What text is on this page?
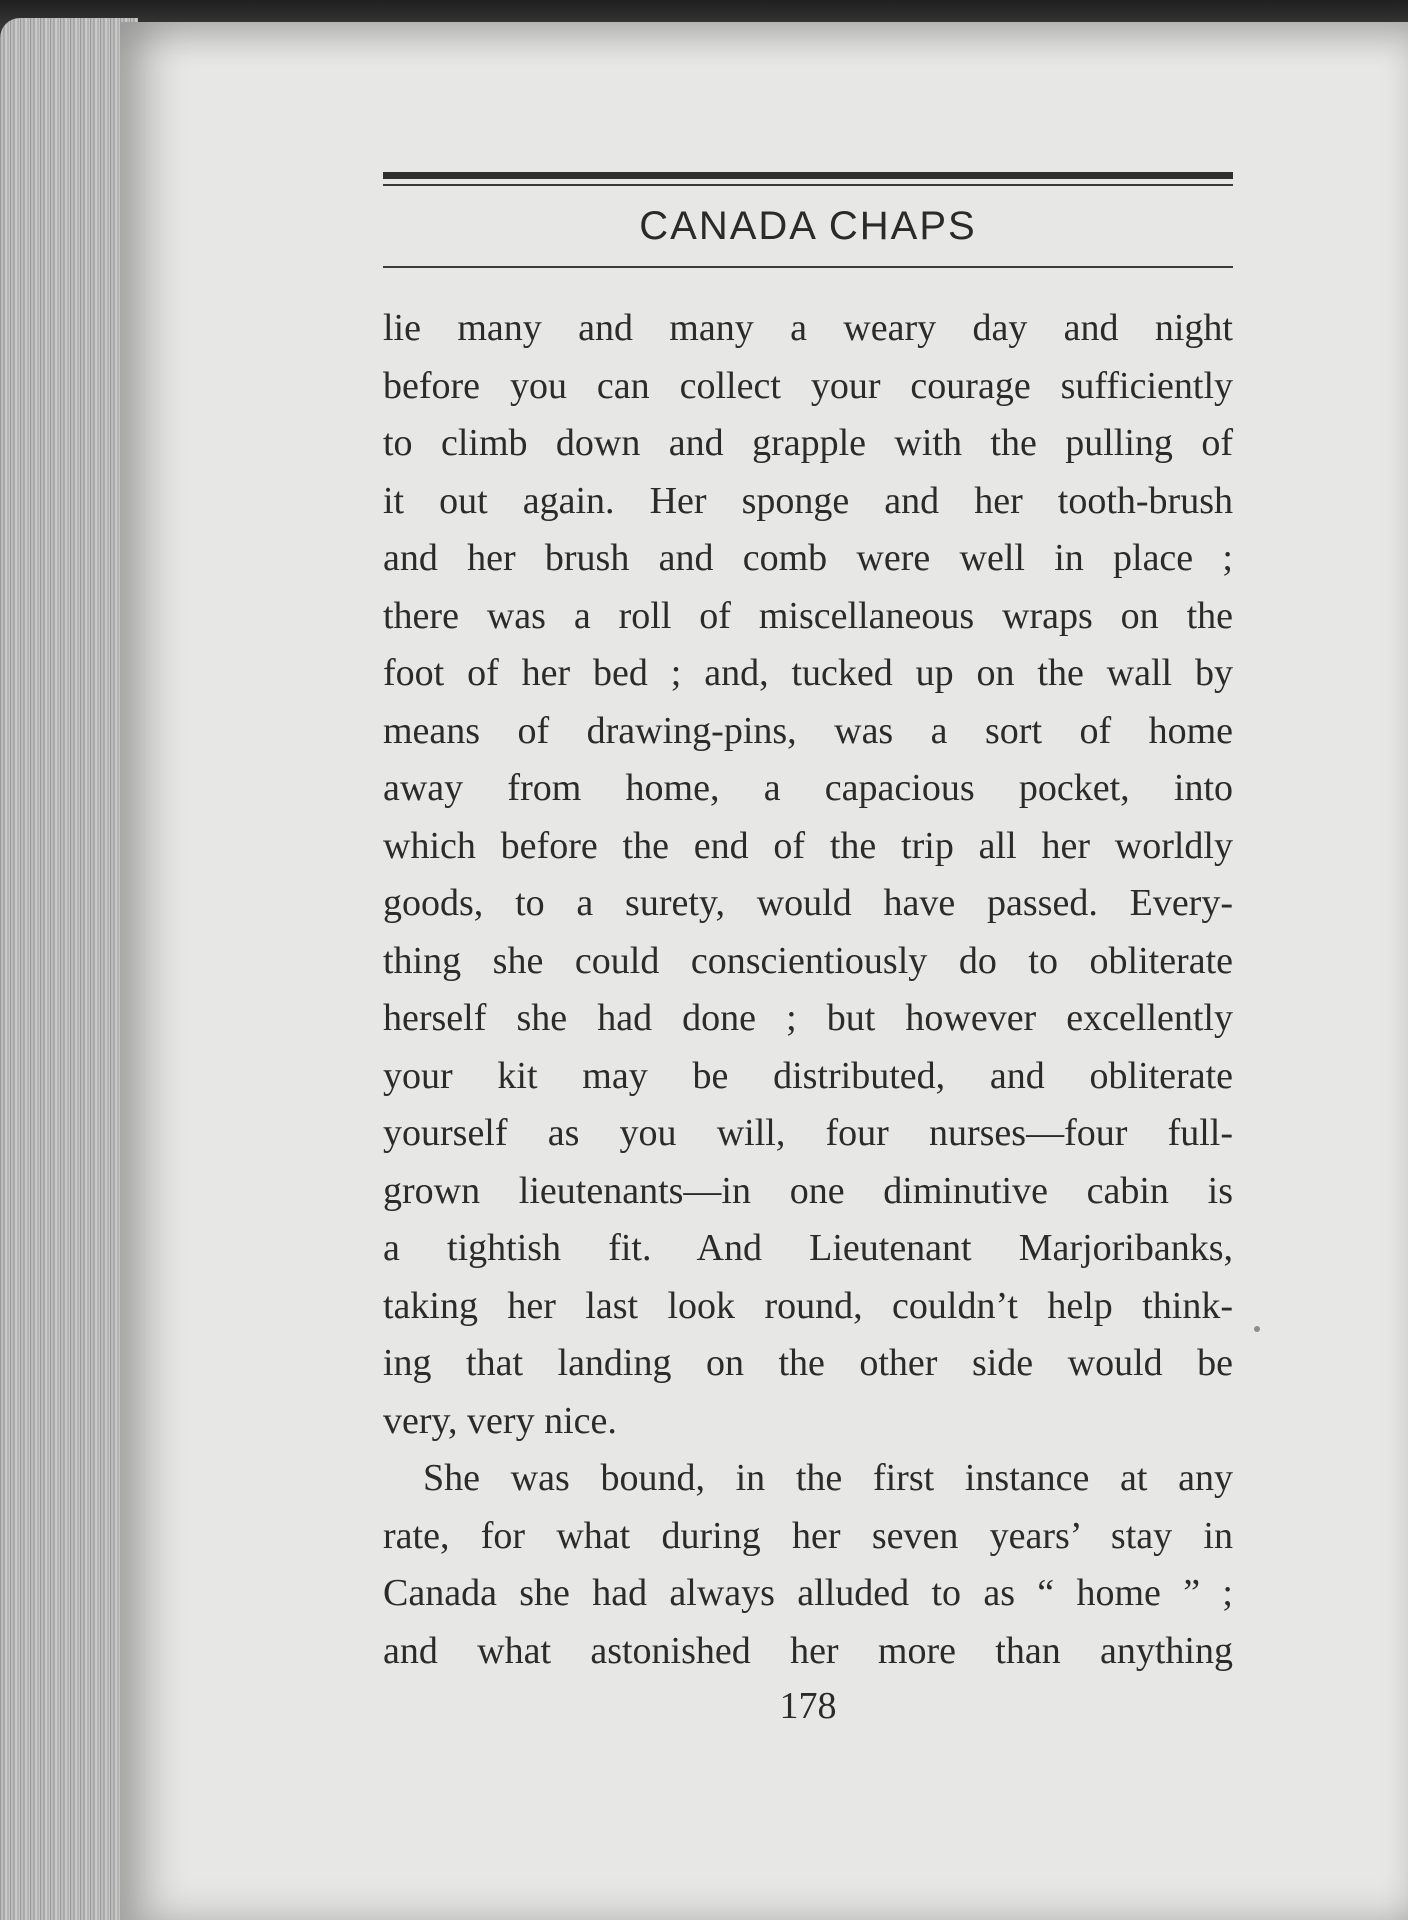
CANADA CHAPS
lie many and many a weary day and night
before you can collect your courage sufficiently
to climb down and grapple with the pulling of
it out again. Her sponge and her tooth-brush
and her brush and comb were well in place ;
there was a roll of miscellaneous wraps on the
foot of her bed ; and, tucked up on the wall by
means of drawing-pins, was a sort of home
away from home, a capacious pocket, into
which before the end of the trip all her worldly
goods, to a surety, would have passed. Every-
thing she could conscientiously do to obliterate
herself she had done ; but however excellently
your kit may be distributed, and obliterate
yourself as you will, four nurses—four full-
grown lieutenants—in one diminutive cabin is
a tightish fit. And Lieutenant Marjoribanks,
taking her last look round, couldn’t help think-
ing that landing on the other side would be
very, very nice.
She was bound, in the first instance at any
rate, for what during her seven years’ stay in
Canada she had always alluded to as “ home ” ;
and what astonished her more than anything
178
